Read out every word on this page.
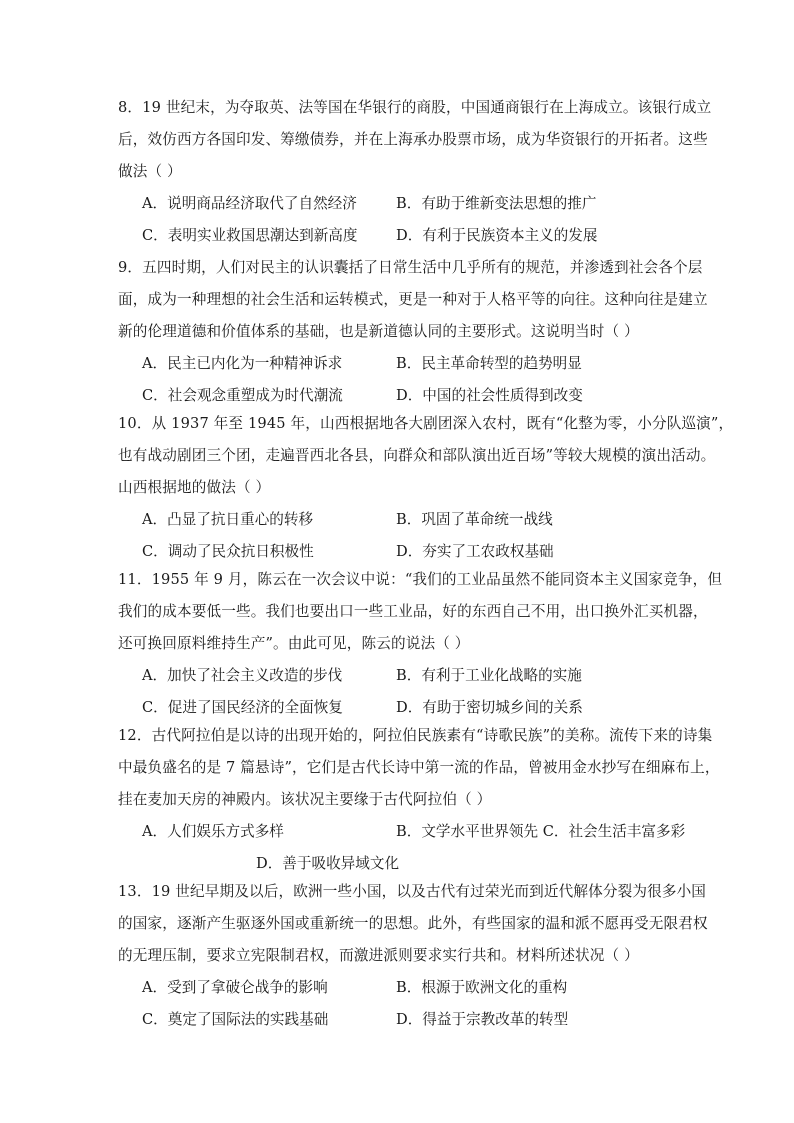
8．19 世纪末，为夺取英、法等国在华银行的商股，中国通商银行在上海成立。该银行成立
后，效仿西方各国印发、筹缴债券，并在上海承办股票市场，成为华资银行的开拓者。这些
做法（ ）
A．说明商品经济取代了自然经济	B．有助于维新变法思想的推广
C．表明实业救国思潮达到新高度	D．有利于民族资本主义的发展
9．五四时期，人们对民主的认识囊括了日常生活中几乎所有的规范，并渗透到社会各个层
面，成为一种理想的社会生活和运转模式，更是一种对于人格平等的向往。这种向往是建立
新的伦理道德和价值体系的基础，也是新道德认同的主要形式。这说明当时（ ）
A．民主已内化为一种精神诉求	B．民主革命转型的趋势明显
C．社会观念重塑成为时代潮流	D．中国的社会性质得到改变
10．从 1937 年至 1945 年，山西根据地各大剧团深入农村，既有“化整为零，小分队巡演”，
也有战动剧团三个团，走遍晋西北各县，向群众和部队演出近百场”等较大规模的演出活动。
山西根据地的做法（ ）
A．凸显了抗日重心的转移	B．巩固了革命统一战线
C．调动了民众抗日积极性	D．夯实了工农政权基础
11．1955 年 9 月，陈云在一次会议中说：“我们的工业品虽然不能同资本主义国家竞争，但
我们的成本要低一些。我们也要出口一些工业品，好的东西自己不用，出口换外汇买机器，
还可换回原料维持生产”。由此可见，陈云的说法（ ）
A．加快了社会主义改造的步伐	B．有利于工业化战略的实施
C．促进了国民经济的全面恢复	D．有助于密切城乡间的关系
12．古代阿拉伯是以诗的出现开始的，阿拉伯民族素有“诗歌民族”的美称。流传下来的诗集
中最负盛名的是 7 篇悬诗”，它们是古代长诗中第一流的作品，曾被用金水抄写在细麻布上，
挂在麦加天房的神殿内。该状况主要缘于古代阿拉伯（ ）
A．人们娱乐方式多样	B．文学水平世界领先 C．社会生活丰富多彩
D．善于吸收异域文化
13．19 世纪早期及以后，欧洲一些小国，以及古代有过荣光而到近代解体分裂为很多小国
的国家，逐渐产生驱逐外国或重新统一的思想。此外，有些国家的温和派不愿再受无限君权
的无理压制，要求立宪限制君权，而激进派则要求实行共和。材料所述状况（ ）
A．受到了拿破仑战争的影响	B．根源于欧洲文化的重构
C．奠定了国际法的实践基础	D．得益于宗教改革的转型
